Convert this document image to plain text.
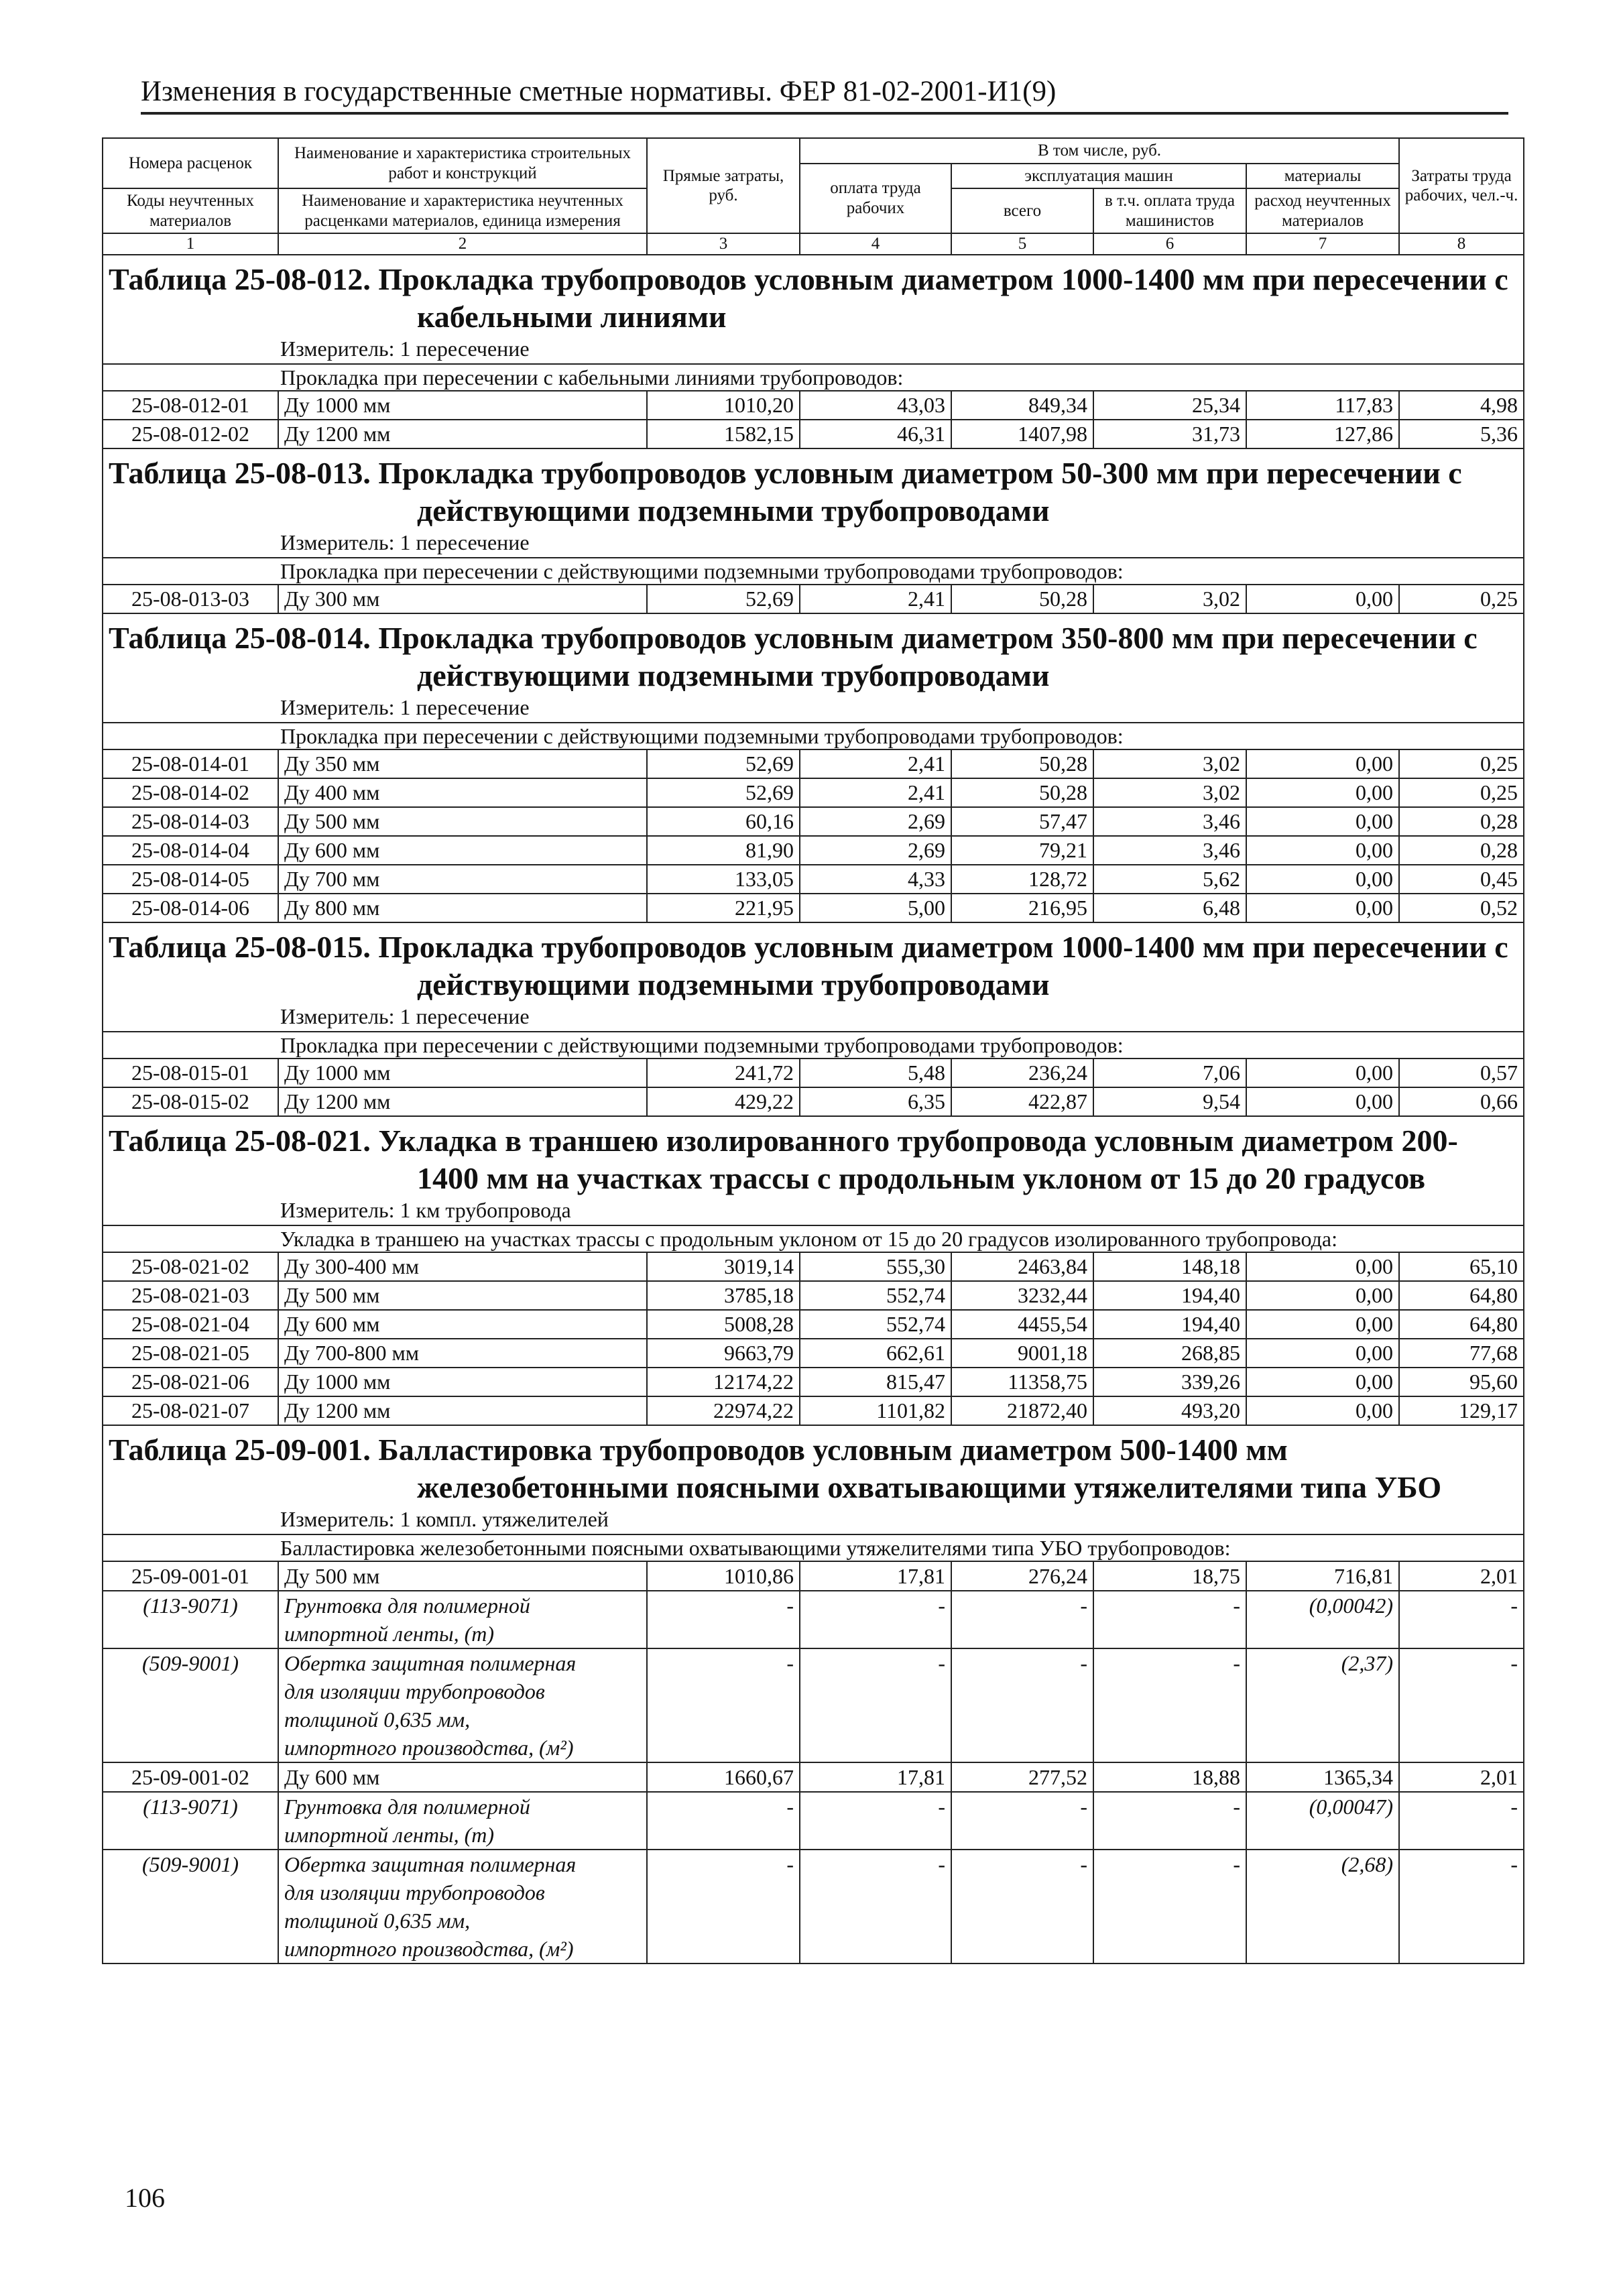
Изменения в государственные сметные нормативы. ФЕР 81-02-2001-И1(9)
Номера расценок	Наименование и характеристика строительных работ и конструкций	Прямые затраты, руб.	В том числе, руб.				Затраты труда рабочих, чел.-ч.
			оплата труда рабочих	эксплуатация машин		материалы	
Коды неучтенных материалов	Наименование и характеристика неучтенных расценками материалов, единица измерения			всего	в т.ч. оплата труда машинистов	расход неучтенных материалов	

1	2	3	4	5	6	7	8

Таблица 25-08-012. Прокладка трубопроводов условным диаметром 1000-1400 мм при пересечении с кабельными линиями							

Измеритель: 1 пересечение							
Прокладка при пересечении с кабельными линиями трубопроводов:							
25-08-012-01	Ду 1000 мм	1010,20	43,03	849,34	25,34	117,83	4,98
25-08-012-02	Ду 1200 мм	1582,15	46,31	1407,98	31,73	127,86	5,36

Таблица 25-08-013. Прокладка трубопроводов условным диаметром 50-300 мм при пересечении с действующими подземными трубопроводами							

Измеритель: 1 пересечение							
Прокладка при пересечении с действующими подземными трубопроводами трубопроводов:							
25-08-013-03	Ду 300 мм	52,69	2,41	50,28	3,02	0,00	0,25

Таблица 25-08-014. Прокладка трубопроводов условным диаметром 350-800 мм при пересечении с действующими подземными трубопроводами							

Измеритель: 1 пересечение							
Прокладка при пересечении с действующими подземными трубопроводами трубопроводов:							
25-08-014-01	Ду 350 мм	52,69	2,41	50,28	3,02	0,00	0,25
25-08-014-02	Ду 400 мм	52,69	2,41	50,28	3,02	0,00	0,25
25-08-014-03	Ду 500 мм	60,16	2,69	57,47	3,46	0,00	0,28
25-08-014-04	Ду 600 мм	81,90	2,69	79,21	3,46	0,00	0,28
25-08-014-05	Ду 700 мм	133,05	4,33	128,72	5,62	0,00	0,45
25-08-014-06	Ду 800 мм	221,95	5,00	216,95	6,48	0,00	0,52

Таблица 25-08-015. Прокладка трубопроводов условным диаметром 1000-1400 мм при пересечении с действующими подземными трубопроводами							

Измеритель: 1 пересечение							
Прокладка при пересечении с действующими подземными трубопроводами трубопроводов:							
25-08-015-01	Ду 1000 мм	241,72	5,48	236,24	7,06	0,00	0,57
25-08-015-02	Ду 1200 мм	429,22	6,35	422,87	9,54	0,00	0,66

Таблица 25-08-021. Укладка в траншею изолированного трубопровода условным диаметром 200-1400 мм на участках трассы с продольным уклоном от 15 до 20 градусов							

Измеритель: 1 км трубопровода							
Укладка в траншею на участках трассы с продольным уклоном от 15 до 20 градусов изолированного трубопровода:							
25-08-021-02	Ду 300-400 мм	3019,14	555,30	2463,84	148,18	0,00	65,10
25-08-021-03	Ду 500 мм	3785,18	552,74	3232,44	194,40	0,00	64,80
25-08-021-04	Ду 600 мм	5008,28	552,74	4455,54	194,40	0,00	64,80
25-08-021-05	Ду 700-800 мм	9663,79	662,61	9001,18	268,85	0,00	77,68
25-08-021-06	Ду 1000 мм	12174,22	815,47	11358,75	339,26	0,00	95,60
25-08-021-07	Ду 1200 мм	22974,22	1101,82	21872,40	493,20	0,00	129,17

Таблица 25-09-001. Балластировка трубопроводов условным диаметром 500-1400 мм железобетонными поясными охватывающими утяжелителями типа УБО							

Измеритель: 1 компл. утяжелителей							
Балластировка железобетонными поясными охватывающими утяжелителями типа УБО трубопроводов:							
25-09-001-01	Ду 500 мм	1010,86	17,81	276,24	18,75	716,81	2,01
(113-9071)	Грунтовка для полимерной
импортной ленты, (т)	-	-	-	-	(0,00042)	-
(509-9001)	Обертка защитная полимерная
для изоляции трубопроводов
толщиной 0,635 мм,
импортного производства, (м²)	-	-	-	-	(2,37)	-
25-09-001-02	Ду 600 мм	1660,67	17,81	277,52	18,88	1365,34	2,01
(113-9071)	Грунтовка для полимерной
импортной ленты, (т)	-	-	-	-	(0,00047)	-
(509-9001)	Обертка защитная полимерная
для изоляции трубопроводов
толщиной 0,635 мм,
импортного производства, (м²)	-	-	-	-	(2,68)	-
106
